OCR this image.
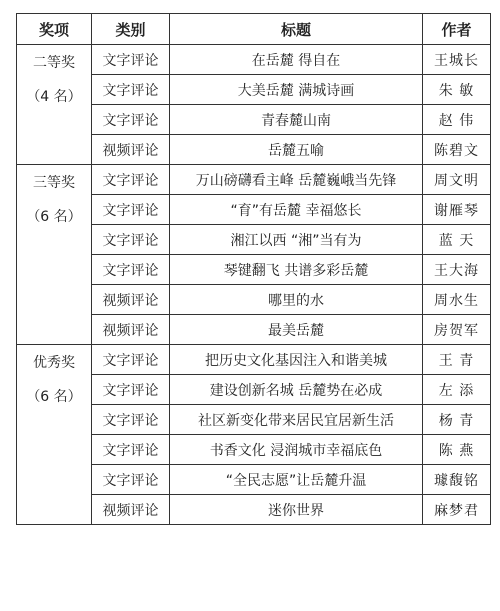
奖项	类别	标题	作者

二等奖
（4 名）	文字评论	在岳麓 得自在	王城长
	文字评论	大美岳麓 满城诗画	朱 敏
	文字评论	青春麓山南	赵 伟
	视频评论	岳麓五喻	陈碧文

三等奖
（6 名）	文字评论	万山磅礴看主峰 岳麓巍峨当先锋	周文明
	文字评论	“育”有岳麓 幸福悠长	谢雁琴
	文字评论	湘江以西 “湘”当有为	蓝 天
	文字评论	琴键翻飞 共谱多彩岳麓	王大海
	视频评论	哪里的水	周水生
	视频评论	最美岳麓	房贺军

优秀奖
（6 名）	文字评论	把历史文化基因注入和谐美城	王 青
	文字评论	建设创新名城 岳麓势在必成	左 添
	文字评论	社区新变化带来居民宜居新生活	杨 青
	文字评论	书香文化 浸润城市幸福底色	陈 燕
	文字评论	“全民志愿”让岳麓升温	璩馥铭
	视频评论	迷你世界	麻梦君
